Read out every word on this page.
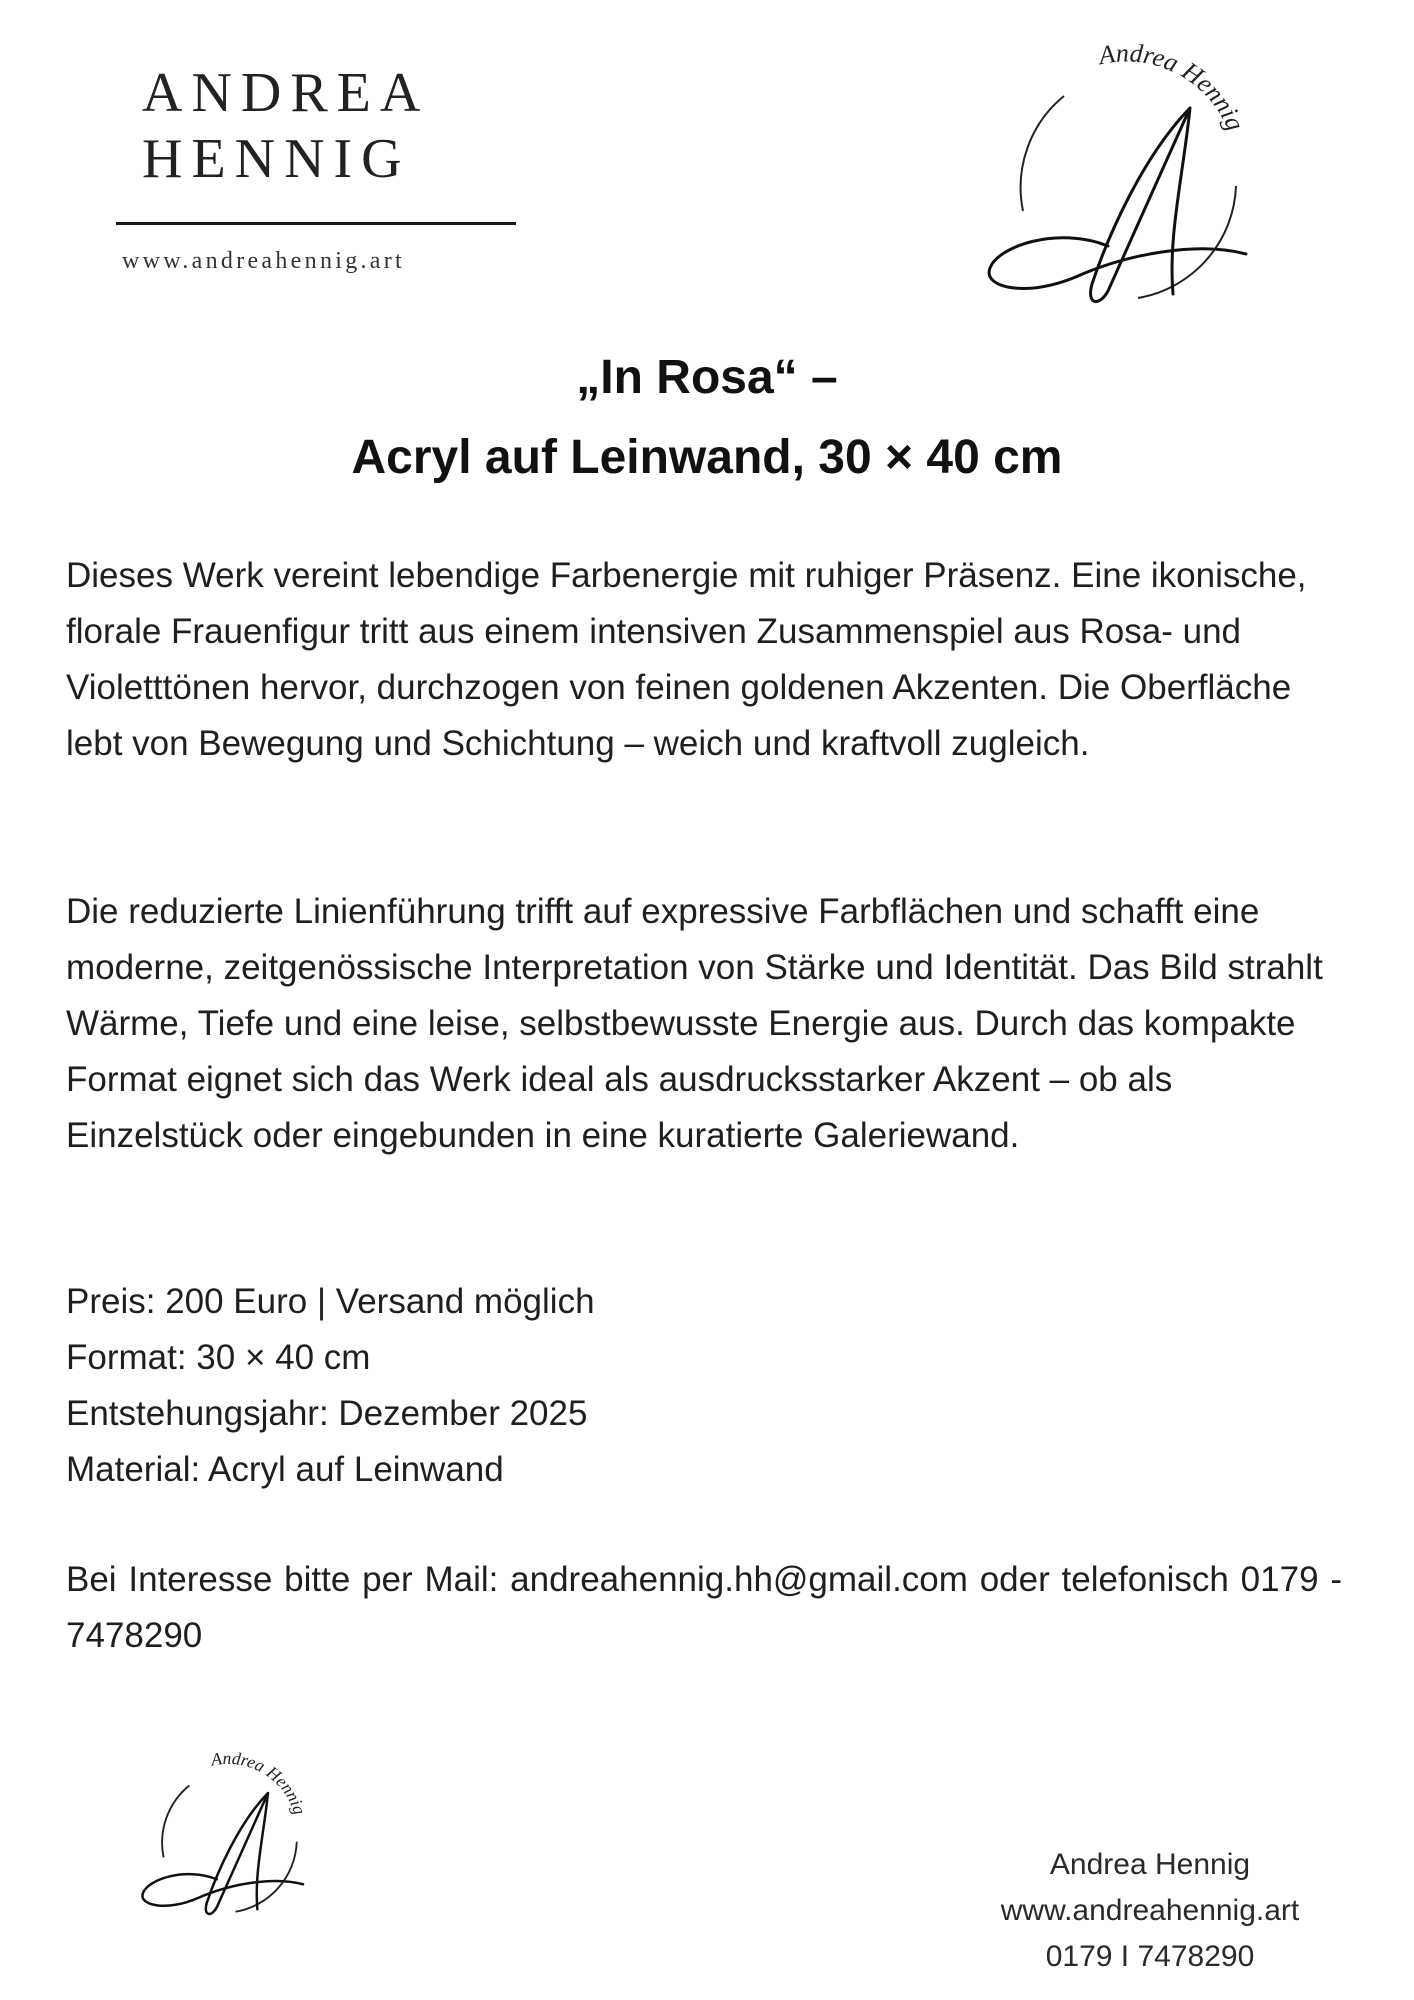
ANDREA
HENNIG
www.andreahennig.art
Andrea Hennig
„In Rosa“ –
Acryl auf Leinwand, 30 × 40 cm
Dieses Werk vereint lebendige Farbenergie mit ruhiger Präsenz. Eine ikonische, florale Frauenfigur tritt aus einem intensiven Zusammenspiel aus Rosa- und Violetttönen hervor, durchzogen von feinen goldenen Akzenten. Die Oberfläche lebt von Bewegung und Schichtung – weich und kraftvoll zugleich.
Die reduzierte Linienführung trifft auf expressive Farbflächen und schafft eine moderne, zeitgenössische Interpretation von Stärke und Identität. Das Bild strahlt Wärme, Tiefe und eine leise, selbstbewusste Energie aus. Durch das kompakte Format eignet sich das Werk ideal als ausdrucksstarker Akzent – ob als Einzelstück oder eingebunden in eine kuratierte Galeriewand.
Preis: 200 Euro | Versand möglich
Format: 30 × 40 cm
Entstehungsjahr: Dezember 2025
Material: Acryl auf Leinwand
Bei Interesse bitte per Mail: andreahennig.hh@gmail.com oder telefonisch 0179 - 7478290
Andrea Hennig
Andrea Hennig
www.andreahennig.art
0179 I 7478290
